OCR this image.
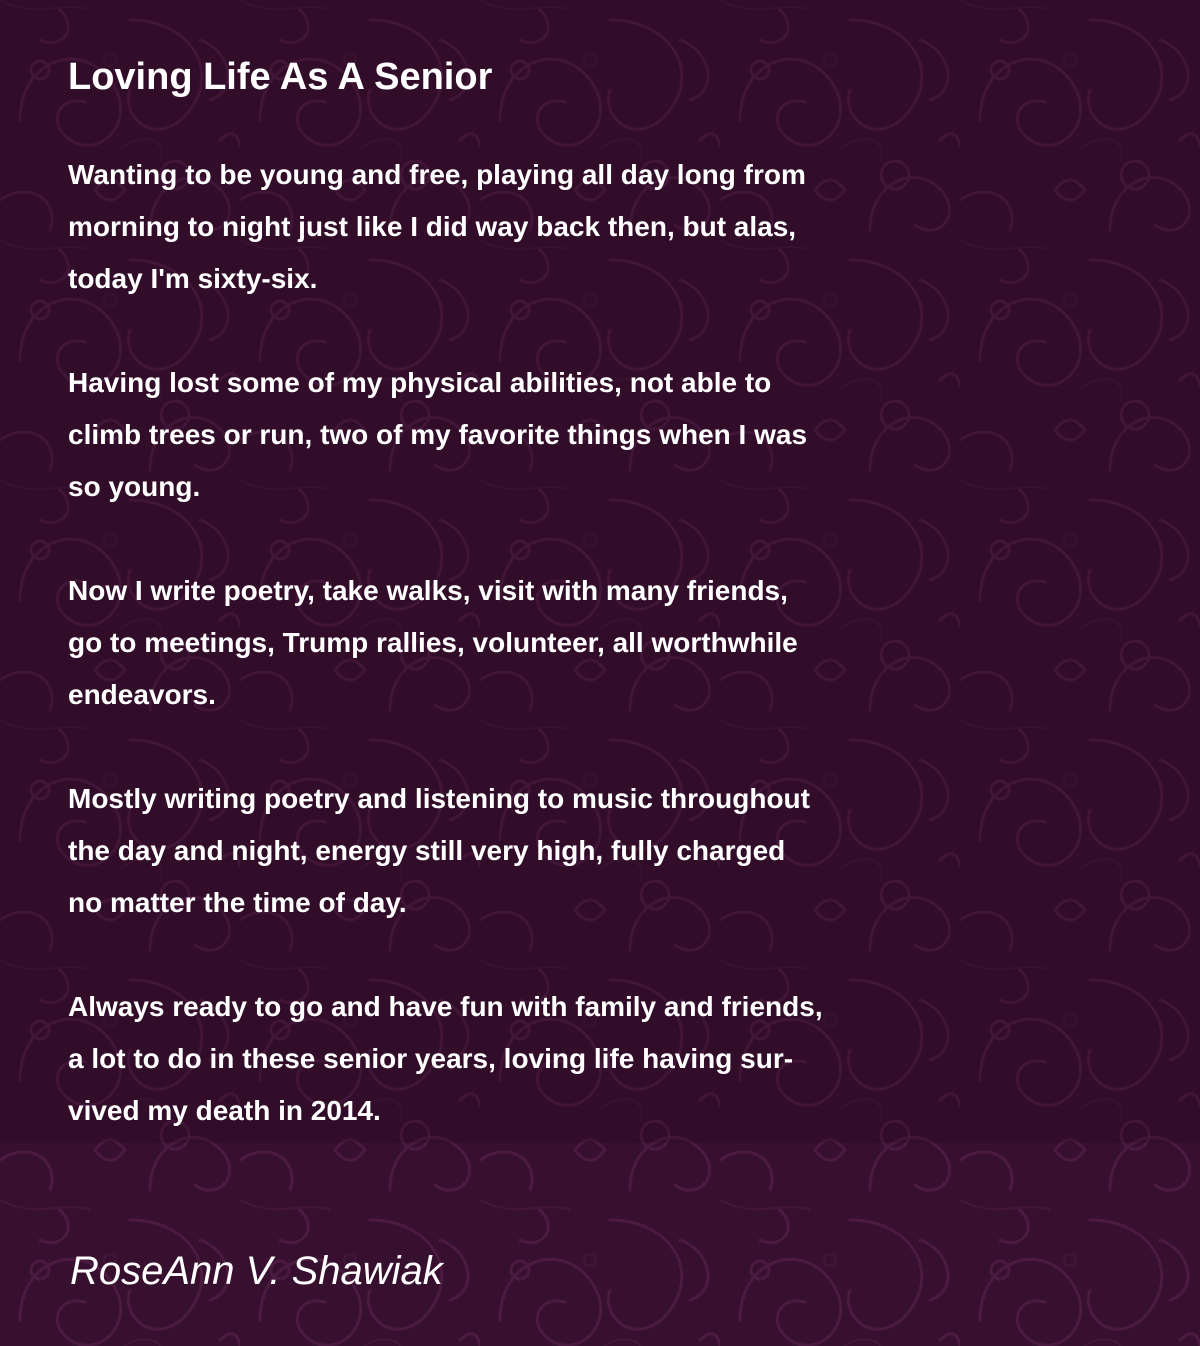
Loving Life As A Senior

Wanting to be young and free, playing all day long from
morning to night just like I did way back then, but alas,
today I'm sixty-six.

Having lost some of my physical abilities, not able to
climb trees or run, two of my favorite things when I was
so young.

Now I write poetry, take walks, visit with many friends,
go to meetings, Trump rallies, volunteer, all worthwhile
endeavors.

Mostly writing poetry and listening to music throughout
the day and night, energy still very high, fully charged
no matter the time of day.

Always ready to go and have fun with family and friends,
a lot to do in these senior years, loving life having sur-
vived my death in 2014.

RoseAnn V. Shawiak
